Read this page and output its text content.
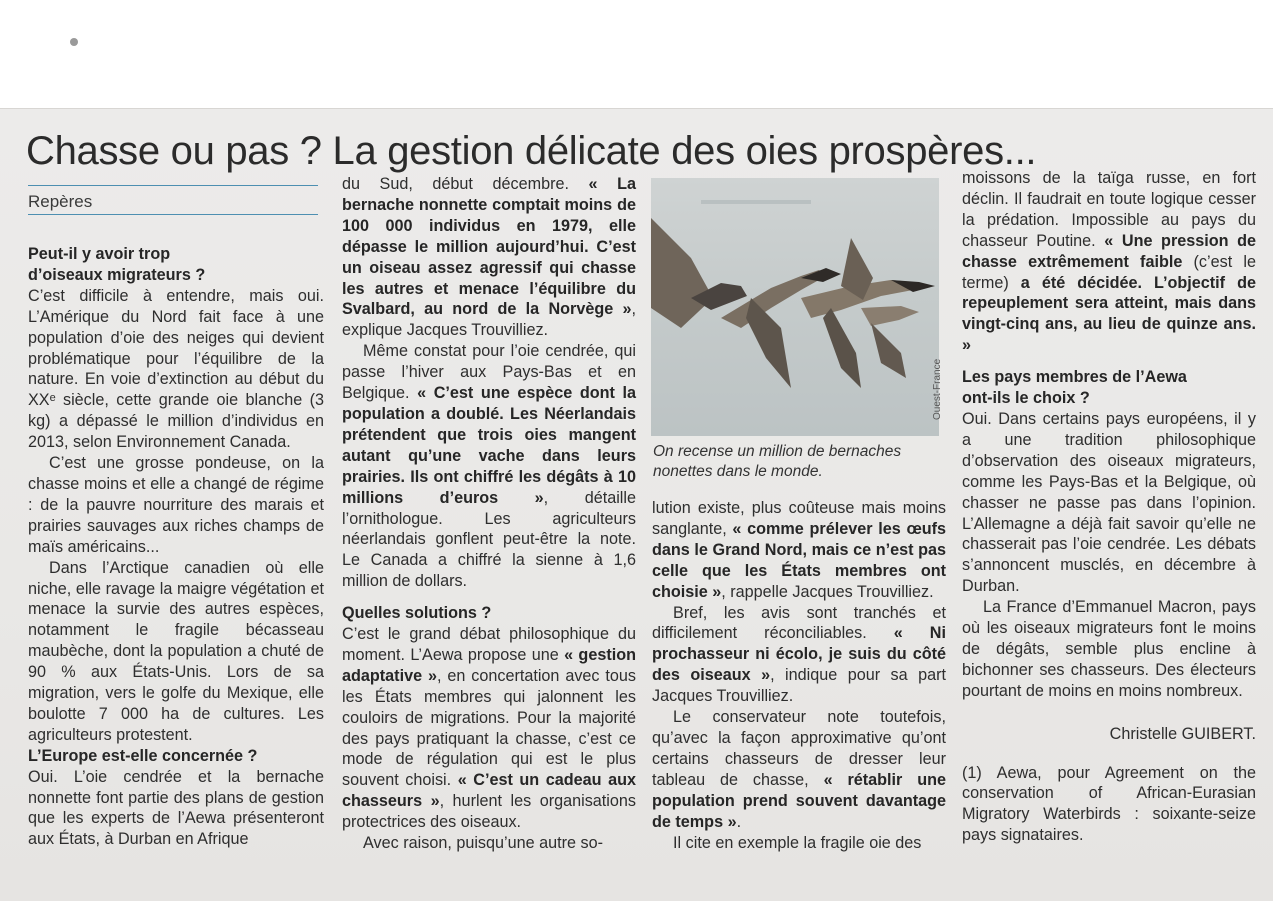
Chasse ou pas ? La gestion délicate des oies prospères...
Repères
Peut-il y avoir trop
d’oiseaux migrateurs ?

C’est difficile à entendre, mais oui. L’Amérique du Nord fait face à une population d’oie des neiges qui devient problématique pour l’équilibre de la nature. En voie d’extinction au début du XXᵉ siècle, cette grande oie blanche (3 kg) a dépassé le million d’individus en 2013, selon Environnement Canada.

C’est une grosse pondeuse, on la chasse moins et elle a changé de régime : de la pauvre nourriture des marais et prairies sauvages aux riches champs de maïs américains...

Dans l’Arctique canadien où elle niche, elle ravage la maigre végétation et menace la survie des autres espèces, notamment le fragile bécasseau maubèche, dont la population a chuté de 90 % aux États-Unis. Lors de sa migration, vers le golfe du Mexique, elle boulotte 7 000 ha de cultures. Les agriculteurs protestent.

L’Europe est-elle concernée ?

Oui. L’oie cendrée et la bernache nonnette font partie des plans de gestion que les experts de l’Aewa présenteront aux États, à Durban en Afrique

du Sud, début décembre. « La bernache nonnette comptait moins de 100 000 individus en 1979, elle dépasse le million aujourd’hui. C’est un oiseau assez agressif qui chasse les autres et menace l’équilibre du Svalbard, au nord de la Norvège », explique Jacques Trouvilliez.

Même constat pour l’oie cendrée, qui passe l’hiver aux Pays-Bas et en Belgique. « C’est une espèce dont la population a doublé. Les Néerlandais prétendent que trois oies mangent autant qu’une vache dans leurs prairies. Ils ont chiffré les dégâts à 10 millions d’euros », détaille l’ornithologue. Les agriculteurs néerlandais gonflent peut-être la note. Le Canada a chiffré la sienne à 1,6 million de dollars.

Quelles solutions ?

C’est le grand débat philosophique du moment. L’Aewa propose une « gestion adaptative », en concertation avec tous les États membres qui jalonnent les couloirs de migrations. Pour la majorité des pays pratiquant la chasse, c’est ce mode de régulation qui est le plus souvent choisi. « C’est un cadeau aux chasseurs », hurlent les organisations protectrices des oiseaux.

Avec raison, puisqu’une autre so-

Ouest-France
On recense un million de bernaches
nonettes dans le monde.

lution existe, plus coûteuse mais moins sanglante, « comme prélever les œufs dans le Grand Nord, mais ce n’est pas celle que les États membres ont choisie », rappelle Jacques Trouvilliez.

Bref, les avis sont tranchés et difficilement réconciliables. « Ni prochasseur ni écolo, je suis du côté des oiseaux », indique pour sa part Jacques Trouvilliez.

Le conservateur note toutefois, qu’avec la façon approximative qu’ont certains chasseurs de dresser leur tableau de chasse, « rétablir une population prend souvent davantage de temps ».

Il cite en exemple la fragile oie des

moissons de la taïga russe, en fort déclin. Il faudrait en toute logique cesser la prédation. Impossible au pays du chasseur Poutine. « Une pression de chasse extrêmement faible (c’est le terme) a été décidée. L’objectif de repeuplement sera atteint, mais dans vingt-cinq ans, au lieu de quinze ans. »

Les pays membres de l’Aewa
ont-ils le choix ?

Oui. Dans certains pays européens, il y a une tradition philosophique d’observation des oiseaux migrateurs, comme les Pays-Bas et la Belgique, où chasser ne passe pas dans l’opinion. L’Allemagne a déjà fait savoir qu’elle ne chasserait pas l’oie cendrée. Les débats s’annoncent musclés, en décembre à Durban.

La France d’Emmanuel Macron, pays où les oiseaux migrateurs font le moins de dégâts, semble plus encline à bichonner ses chasseurs. Des électeurs pourtant de moins en moins nombreux.

Christelle GUIBERT.

(1) Aewa, pour Agreement on the conservation of African-Eurasian Migratory Waterbirds : soixante-seize pays signataires.
